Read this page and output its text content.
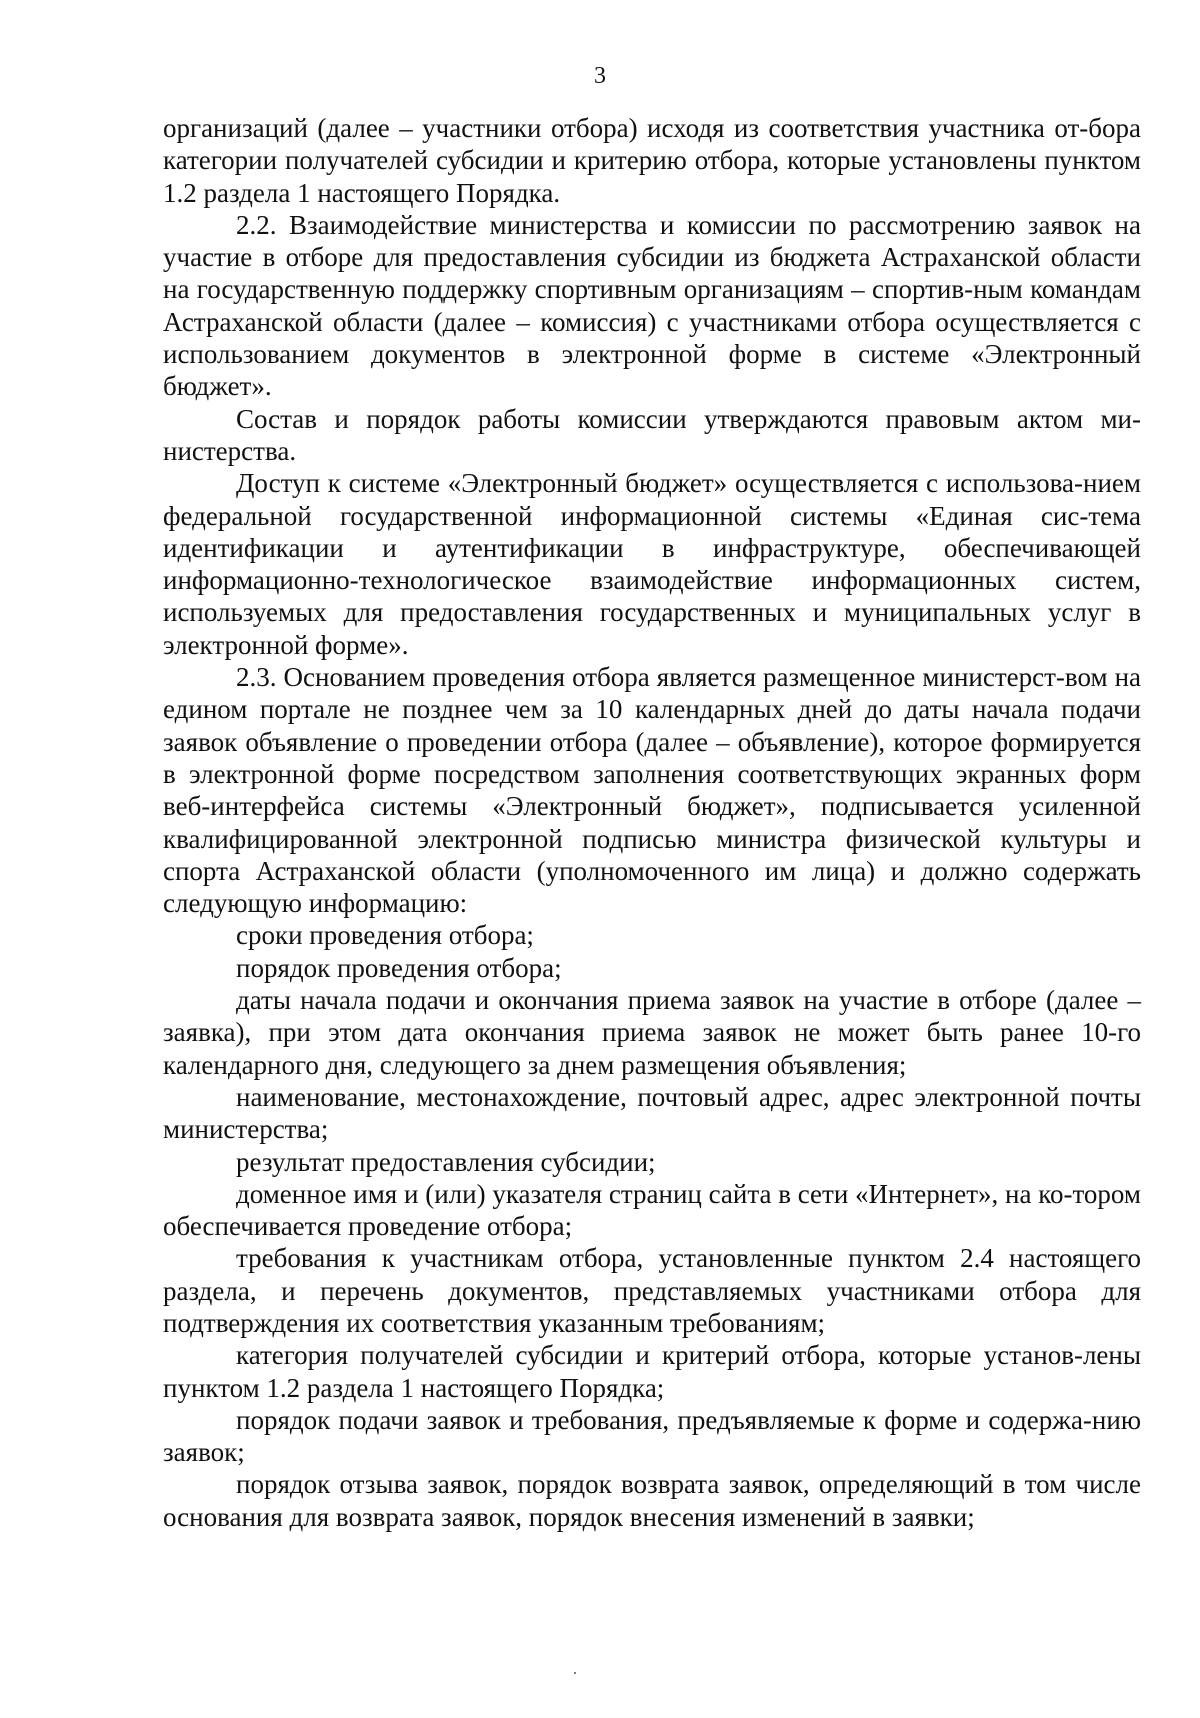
3

организаций (далее – участники отбора) исходя из соответствия участника от-бора категории получателей субсидии и критерию отбора, которые установлены пунктом 1.2 раздела 1 настоящего Порядка.

2.2. Взаимодействие министерства и комиссии по рассмотрению заявок на участие в отборе для предоставления субсидии из бюджета Астраханской области на государственную поддержку спортивным организациям – спортив-ным командам Астраханской области (далее – комиссия) с участниками отбора осуществляется с использованием документов в электронной форме в системе «Электронный бюджет».

Состав и порядок работы комиссии утверждаются правовым актом ми-нистерства.

Доступ к системе «Электронный бюджет» осуществляется с использова-нием федеральной государственной информационной системы «Единая сис-тема идентификации и аутентификации в инфраструктуре, обеспечивающей информационно-технологическое взаимодействие информационных систем, используемых для предоставления государственных и муниципальных услуг в электронной форме».

2.3. Основанием проведения отбора является размещенное министерст-вом на едином портале не позднее чем за 10 календарных дней до даты начала подачи заявок объявление о проведении отбора (далее – объявление), которое формируется в электронной форме посредством заполнения соответствующих экранных форм веб-интерфейса системы «Электронный бюджет», подписывается усиленной квалифицированной электронной подписью министра физической культуры и спорта Астраханской области (уполномоченного им лица) и должно содержать следующую информацию:

сроки проведения отбора;

порядок проведения отбора;

даты начала подачи и окончания приема заявок на участие в отборе (далее – заявка), при этом дата окончания приема заявок не может быть ранее 10-го календарного дня, следующего за днем размещения объявления;

наименование, местонахождение, почтовый адрес, адрес электронной почты министерства;

результат предоставления субсидии;

доменное имя и (или) указателя страниц сайта в сети «Интернет», на ко-тором обеспечивается проведение отбора;

требования к участникам отбора, установленные пунктом 2.4 настоящего раздела, и перечень документов, представляемых участниками отбора для подтверждения их соответствия указанным требованиям;

категория получателей субсидии и критерий отбора, которые установ-лены пунктом 1.2 раздела 1 настоящего Порядка;

порядок подачи заявок и требования, предъявляемые к форме и содержа-нию заявок;

порядок отзыва заявок, порядок возврата заявок, определяющий в том числе основания для возврата заявок, порядок внесения изменений в заявки;
